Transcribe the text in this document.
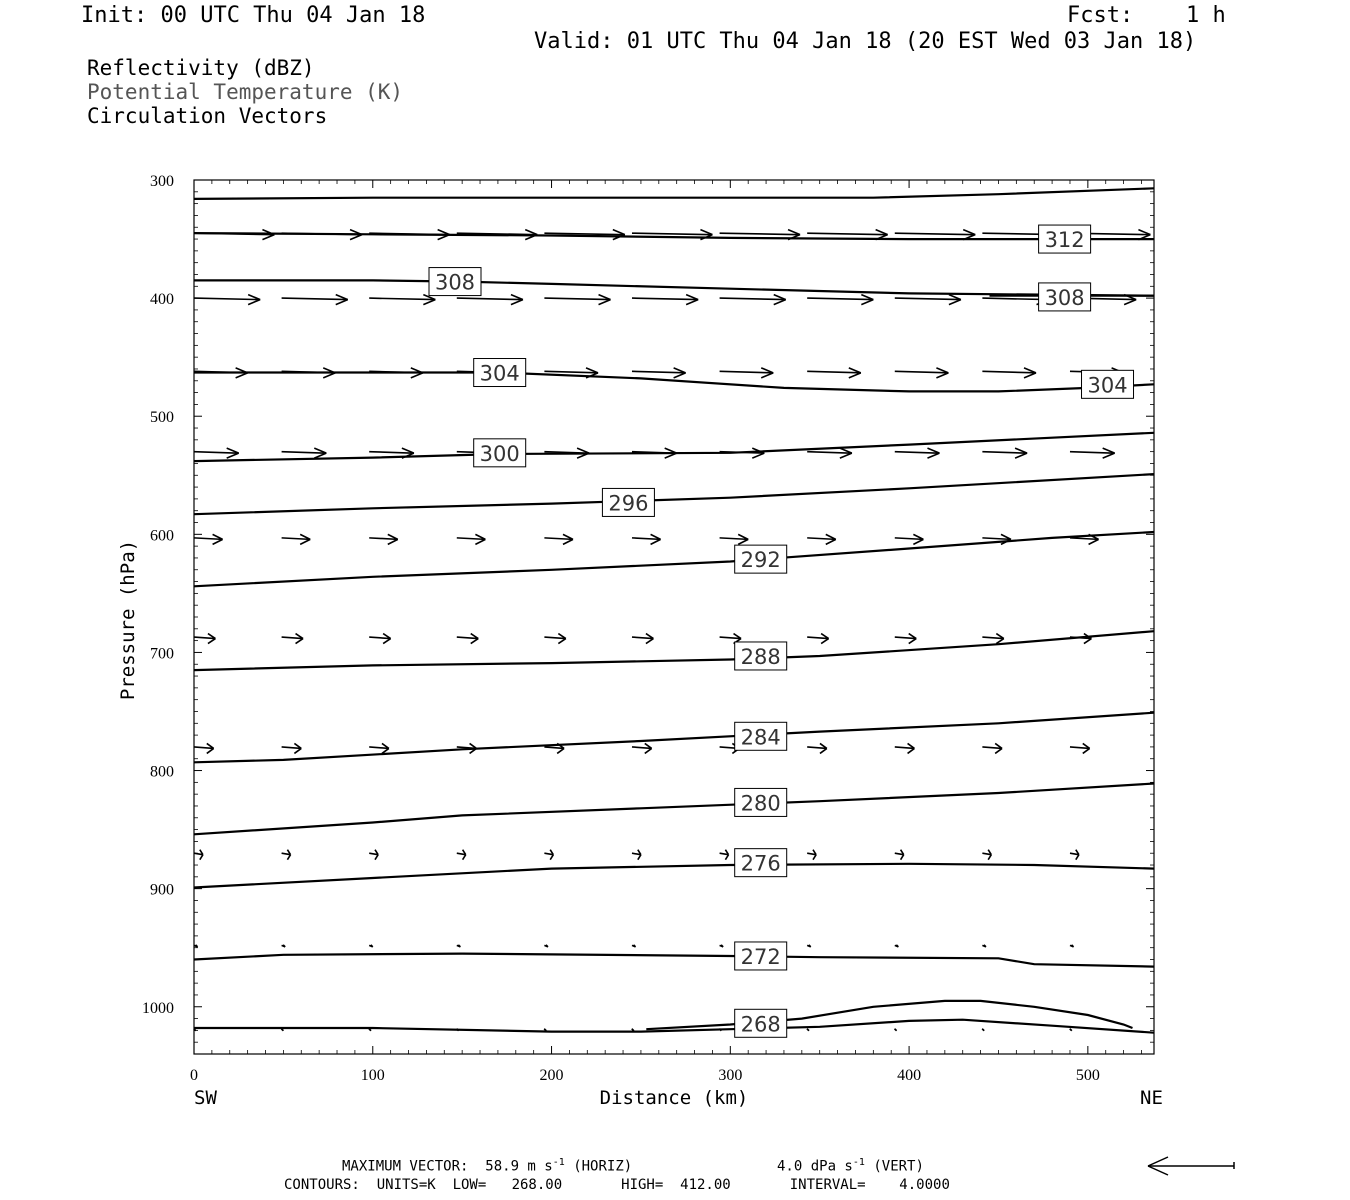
Init: 00 UTC Thu 04 Jan 18	Fcst: 1 h
Valid: 01 UTC Thu 04 Jan 18 (20 EST Wed 03 Jan 18)
Reflectivity (dBZ)
Potential Temperature (K)
Circulation Vectors
312
308
308
304	304
300
296
292
288
284
280
276
272
268
0	100	200	300	400	500
300
400
500
600
700
800
900
1000
Pressure (hPa)
Distance (km)
SW	NE
MAXIMUM VECTOR:  58.9 m $s^{-1}$ (HORIZ)	4.0 dPa $s^{-1}$ (VERT)
CONTOURS:  UNITS=K  LOW=   268.00       HIGH=  412.00       INTERVAL=    4.0000
